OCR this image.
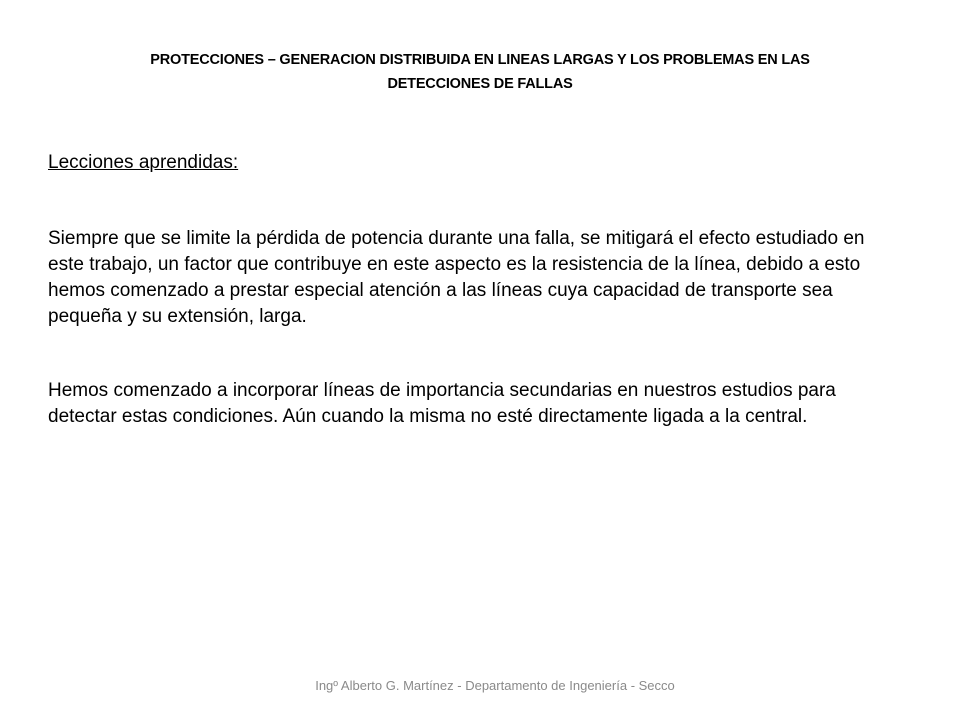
PROTECCIONES – GENERACION DISTRIBUIDA EN LINEAS LARGAS Y LOS PROBLEMAS EN LAS
DETECCIONES DE FALLAS

Lecciones aprendidas:

Siempre que se limite la pérdida de potencia durante una falla, se mitigará el efecto estudiado en este trabajo, un factor que contribuye en este aspecto es la resistencia de la línea, debido a esto hemos comenzado a prestar especial atención a las líneas cuya capacidad de transporte sea pequeña y su extensión, larga.

Hemos comenzado a incorporar líneas de importancia secundarias en nuestros estudios para detectar estas condiciones. Aún cuando la misma no esté directamente ligada a la central.

Ingº Alberto G. Martínez - Departamento de Ingeniería - Secco
